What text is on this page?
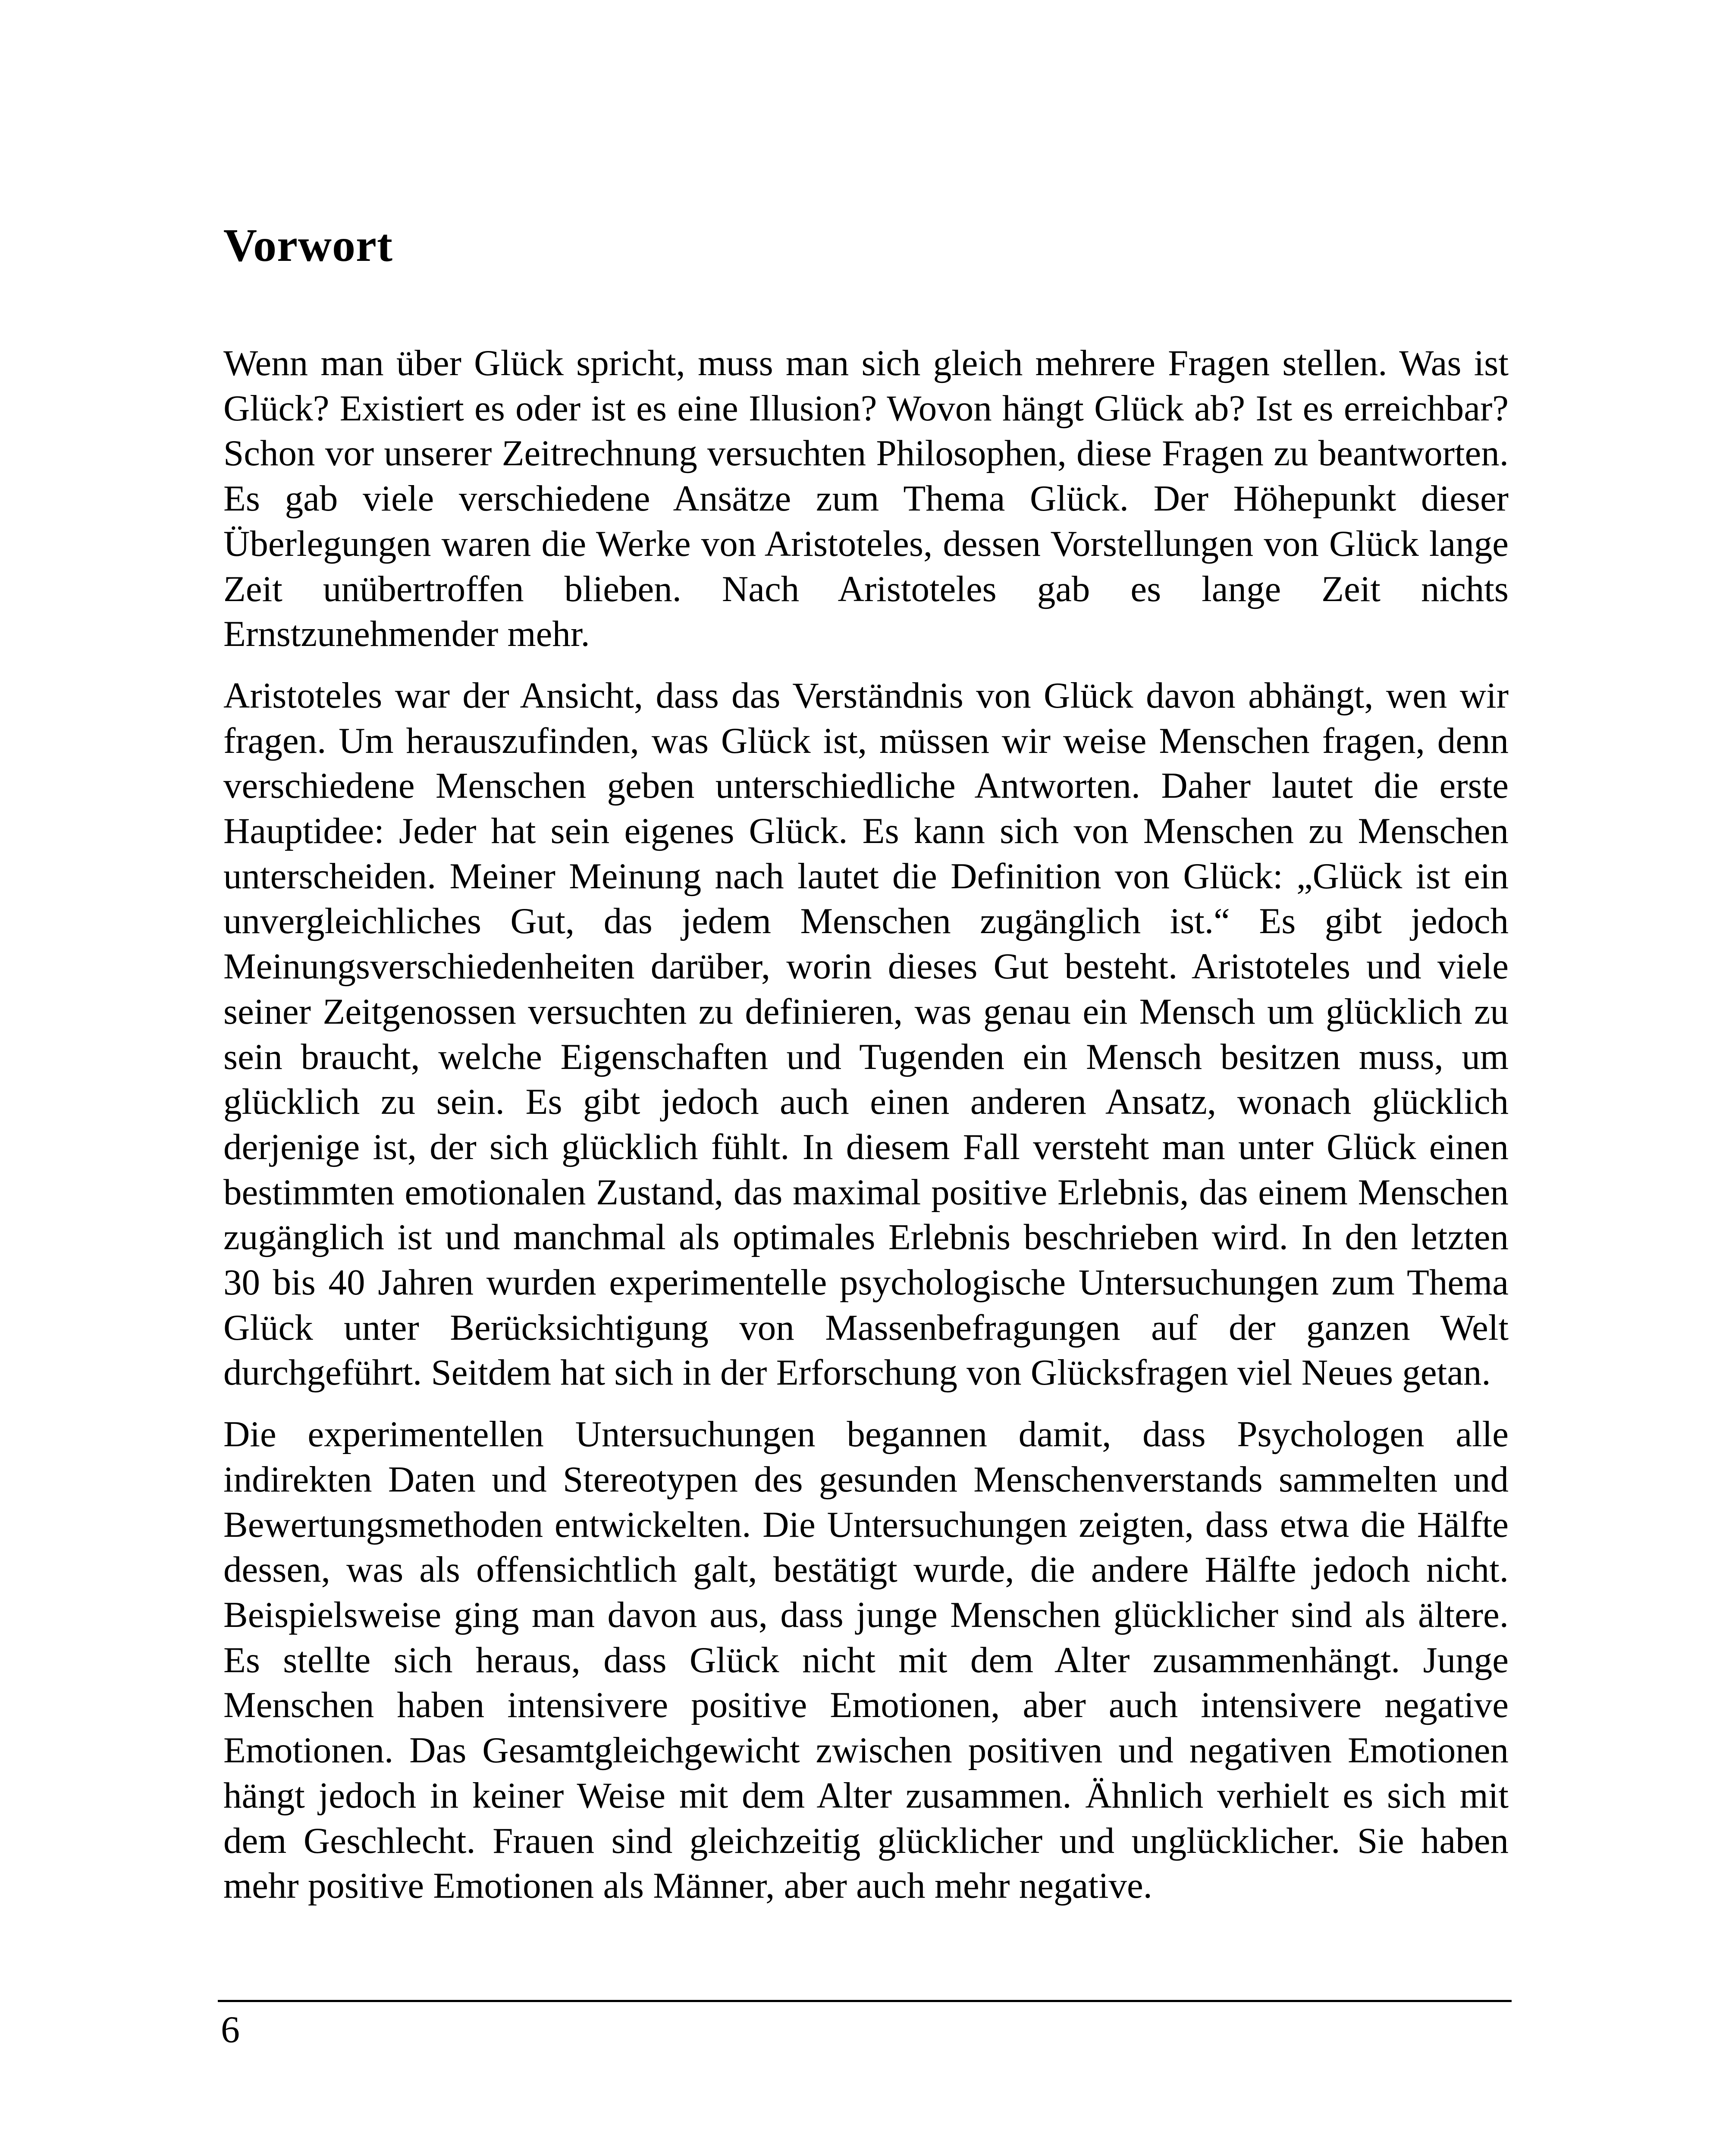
Vorwort

Wenn man über Glück spricht, muss man sich gleich mehrere Fragen stellen. Was ist Glück? Existiert es oder ist es eine Illusion? Wovon hängt Glück ab? Ist es erreichbar? Schon vor unserer Zeitrechnung versuchten Philosophen, diese Fragen zu beantworten. Es gab viele verschiedene Ansätze zum Thema Glück. Der Höhepunkt dieser Überlegungen waren die Werke von Aristoteles, dessen Vorstellungen von Glück lange Zeit unübertroffen blieben. Nach Aristoteles gab es lange Zeit nichts Ernstzunehmender mehr.

Aristoteles war der Ansicht, dass das Verständnis von Glück davon abhängt, wen wir fragen. Um herauszufinden, was Glück ist, müssen wir weise Menschen fragen, denn verschiedene Menschen geben unterschiedliche Antworten. Daher lautet die erste Hauptidee: Jeder hat sein eigenes Glück. Es kann sich von Menschen zu Menschen unterscheiden. Meiner Meinung nach lautet die Definition von Glück: „Glück ist ein unvergleichliches Gut, das jedem Menschen zugänglich ist.“ Es gibt jedoch Meinungsverschiedenheiten darüber, worin dieses Gut besteht. Aristoteles und viele seiner Zeitgenossen versuchten zu definieren, was genau ein Mensch um glücklich zu sein braucht, welche Eigenschaften und Tugenden ein Mensch besitzen muss, um glücklich zu sein. Es gibt jedoch auch einen anderen Ansatz, wonach glücklich derjenige ist, der sich glücklich fühlt. In diesem Fall versteht man unter Glück einen bestimmten emotionalen Zustand, das maximal positive Erlebnis, das einem Menschen zugänglich ist und manchmal als optimales Erlebnis beschrieben wird. In den letzten 30 bis 40 Jahren wurden experimentelle psychologische Untersuchungen zum Thema Glück unter Berücksichtigung von Massenbefragungen auf der ganzen Welt durchgeführt. Seitdem hat sich in der Erforschung von Glücksfragen viel Neues getan.

Die experimentellen Untersuchungen begannen damit, dass Psychologen alle indirekten Daten und Stereotypen des gesunden Menschenverstands sammelten und Bewertungsmethoden entwickelten. Die Untersuchungen zeigten, dass etwa die Hälfte dessen, was als offensichtlich galt, bestätigt wurde, die andere Hälfte jedoch nicht. Beispielsweise ging man davon aus, dass junge Menschen glücklicher sind als ältere. Es stellte sich heraus, dass Glück nicht mit dem Alter zusammenhängt. Junge Menschen haben intensivere positive Emotionen, aber auch intensivere negative Emotionen. Das Gesamtgleichgewicht zwischen positiven und negativen Emotionen hängt jedoch in keiner Weise mit dem Alter zusammen. Ähnlich verhielt es sich mit dem Geschlecht. Frauen sind gleichzeitig glücklicher und unglücklicher. Sie haben mehr positive Emotionen als Männer, aber auch mehr negative.

6
